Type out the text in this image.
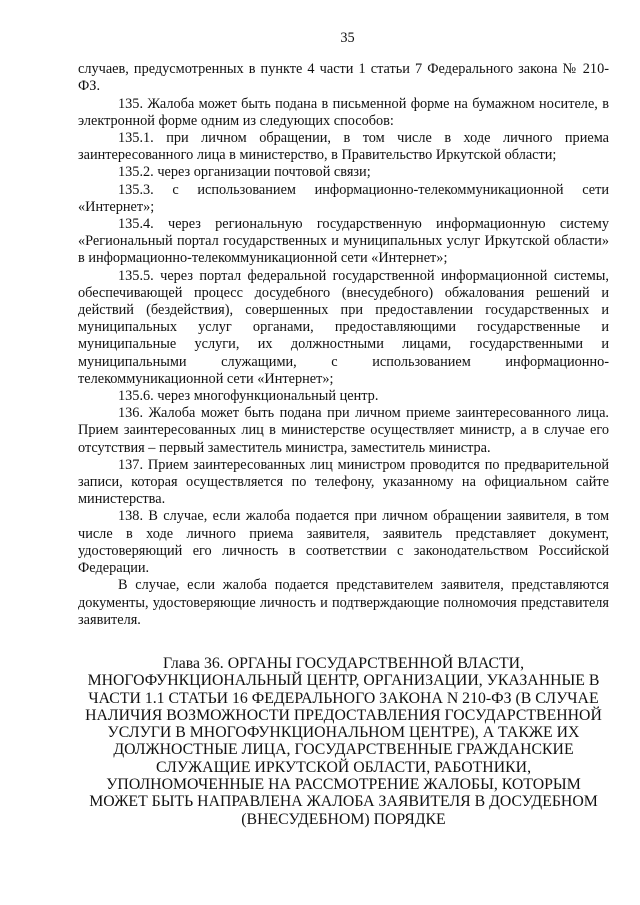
35

случаев, предусмотренных в пункте 4 части 1 статьи 7 Федерального закона № 210-ФЗ.

135. Жалоба может быть подана в письменной форме на бумажном носителе, в электронной форме одним из следующих способов:

135.1. при личном обращении, в том числе в ходе личного приема заинтересованного лица в министерство, в Правительство Иркутской области;

135.2. через организации почтовой связи;

135.3. с использованием информационно-телекоммуникационной сети «Интернет»;

135.4. через региональную государственную информационную систему «Региональный портал государственных и муниципальных услуг Иркутской области» в информационно-телекоммуникационной сети «Интернет»;

135.5. через портал федеральной государственной информационной системы, обеспечивающей процесс досудебного (внесудебного) обжалования решений и действий (бездействия), совершенных при предоставлении государственных и муниципальных услуг органами, предоставляющими государственные и муниципальные услуги, их должностными лицами, государственными и муниципальными служащими, с использованием информационно-телекоммуникационной сети «Интернет»;

135.6. через многофункциональный центр.

136. Жалоба может быть подана при личном приеме заинтересованного лица. Прием заинтересованных лиц в министерстве осуществляет министр, а в случае его отсутствия – первый заместитель министра, заместитель министра.

137. Прием заинтересованных лиц министром проводится по предварительной записи, которая осуществляется по телефону, указанному на официальном сайте министерства.

138. В случае, если жалоба подается при личном обращении заявителя, в том числе в ходе личного приема заявителя, заявитель представляет документ, удостоверяющий его личность в соответствии с законодательством Российской Федерации.

В случае, если жалоба подается представителем заявителя, представляются документы, удостоверяющие личность и подтверждающие полномочия представителя заявителя.

Глава 36. ОРГАНЫ ГОСУДАРСТВЕННОЙ ВЛАСТИ, МНОГОФУНКЦИОНАЛЬНЫЙ ЦЕНТР, ОРГАНИЗАЦИИ, УКАЗАННЫЕ В ЧАСТИ 1.1 СТАТЬИ 16 ФЕДЕРАЛЬНОГО ЗАКОНА N 210-ФЗ (В СЛУЧАЕ НАЛИЧИЯ ВОЗМОЖНОСТИ ПРЕДОСТАВЛЕНИЯ ГОСУДАРСТВЕННОЙ УСЛУГИ В МНОГОФУНКЦИОНАЛЬНОМ ЦЕНТРЕ), А ТАКЖЕ ИХ ДОЛЖНОСТНЫЕ ЛИЦА, ГОСУДАРСТВЕННЫЕ ГРАЖДАНСКИЕ СЛУЖАЩИЕ ИРКУТСКОЙ ОБЛАСТИ, РАБОТНИКИ, УПОЛНОМОЧЕННЫЕ НА РАССМОТРЕНИЕ ЖАЛОБЫ, КОТОРЫМ МОЖЕТ БЫТЬ НАПРАВЛЕНА ЖАЛОБА ЗАЯВИТЕЛЯ В ДОСУДЕБНОМ (ВНЕСУДЕБНОМ) ПОРЯДКЕ
